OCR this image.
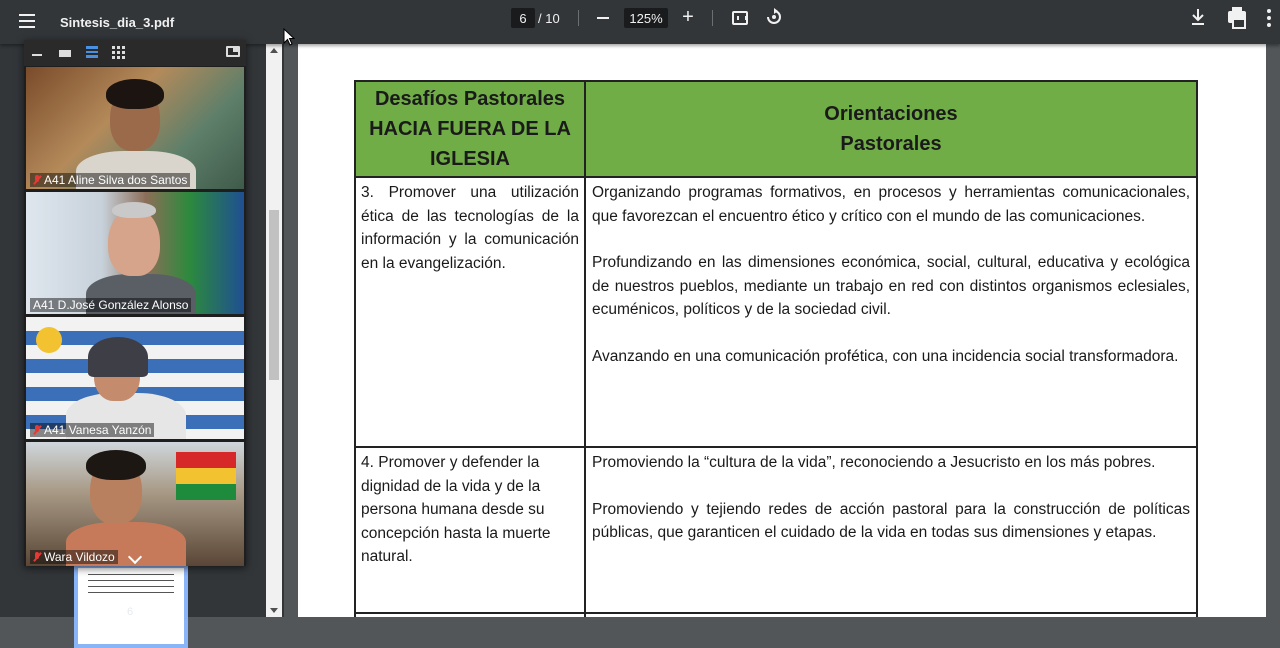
Sintesis_dia_3.pdf	6 / 10	125% +
6
A41 Aline Silva dos Santos
A41 D.José González Alonso
A41 Vanesa Yanzón
Wara Vildozo
Desafíos Pastorales HACIA FUERA DE LA IGLESIA	Orientaciones
Pastorales

3. Promover una utilización ética de las tecnologías de la información y la comunicación en la evangelización.	Organizando programas formativos, en procesos y herramientas comunicacionales, que favorezcan el encuentro ético y crítico con el mundo de las comunicaciones.

Profundizando en las dimensiones económica, social, cultural, educativa y ecológica de nuestros pueblos, mediante un trabajo en red con distintos organismos eclesiales, ecuménicos, políticos y de la sociedad civil.

Avanzando en una comunicación profética, con una incidencia social transformadora.

4. Promover y defender la dignidad de la vida y de la persona humana desde su concepción hasta la muerte natural.	Promoviendo la “cultura de la vida”, reconociendo a Jesucristo en los más pobres.

Promoviendo y tejiendo redes de acción pastoral para la construcción de políticas públicas, que garanticen el cuidado de la vida en todas sus dimensiones y etapas.
